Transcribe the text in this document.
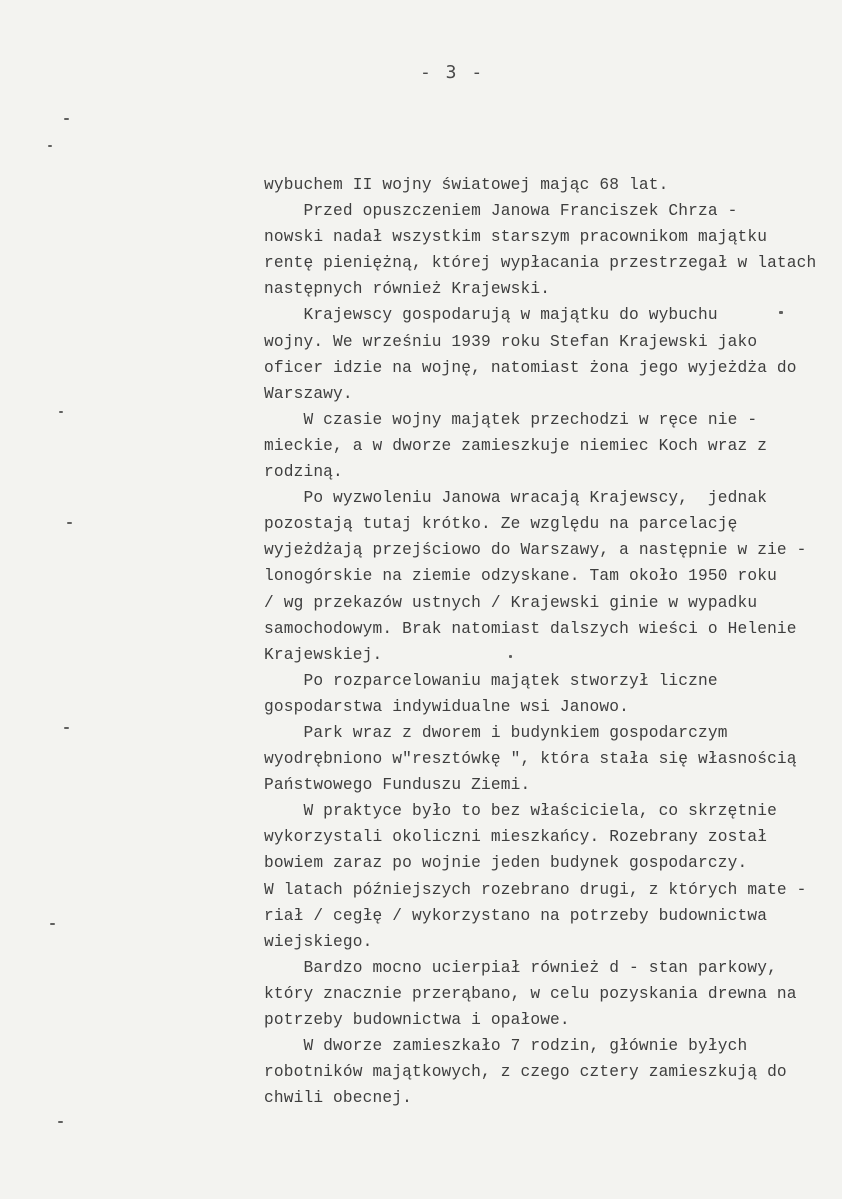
- 3 -
wybuchem II wojny światowej mając 68 lat.
Przed opuszczeniem Janowa Franciszek Chrza -
nowski nadał wszystkim starszym pracownikom majątku
rentę pieniężną, której wypłacania przestrzegał w latach
następnych również Krajewski.
Krajewscy gospodarują w majątku do wybuchu
wojny. We wrześniu 1939 roku Stefan Krajewski jako
oficer idzie na wojnę, natomiast żona jego wyjeżdża do
Warszawy.
W czasie wojny majątek przechodzi w ręce nie -
mieckie, a w dworze zamieszkuje niemiec Koch wraz z
rodziną.
Po wyzwoleniu Janowa wracają Krajewscy,  jednak
pozostają tutaj krótko. Ze względu na parcelację
wyjeżdżają przejściowo do Warszawy, a następnie w zie -
lonogórskie na ziemie odzyskane. Tam około 1950 roku
/ wg przekazów ustnych / Krajewski ginie w wypadku
samochodowym. Brak natomiast dalszych wieści o Helenie
Krajewskiej.
Po rozparcelowaniu majątek stworzył liczne
gospodarstwa indywidualne wsi Janowo.
Park wraz z dworem i budynkiem gospodarczym
wyodrębniono w"resztówkę ", która stała się własnością
Państwowego Funduszu Ziemi.
W praktyce było to bez właściciela, co skrzętnie
wykorzystali okoliczni mieszkańcy. Rozebrany został
bowiem zaraz po wojnie jeden budynek gospodarczy.
W latach późniejszych rozebrano drugi, z których mate -
riał / cegłę / wykorzystano na potrzeby budownictwa
wiejskiego.
Bardzo mocno ucierpiał również d - stan parkowy,
który znacznie przerąbano, w celu pozyskania drewna na
potrzeby budownictwa i opałowe.
W dworze zamieszkało 7 rodzin, głównie byłych
robotników majątkowych, z czego cztery zamieszkują do
chwili obecnej.
